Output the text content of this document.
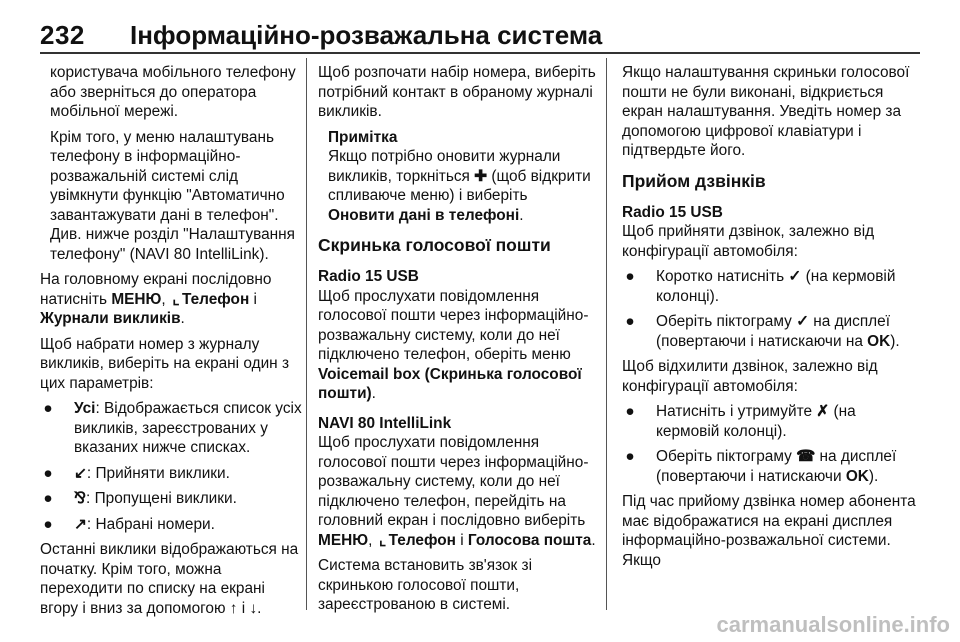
232 Інформаційно-розважальна система

користувача мобільного телефону або зверніться до оператора мобільної мережі.

Крім того, у меню налаштувань телефону в інформаційно-розважальній системі слід увімкнути функцію "Автоматично завантажувати дані в телефон". Див. нижче розділ "Налаштування телефону" (NAVI 80 IntelliLink).

На головному екрані послідовно натисніть МЕНЮ, ⌞ Телефон і Журнали викликів.

Щоб набрати номер з журналу викликів, виберіть на екрані один з цих параметрів:

● Усі: Відображається список усіх викликів, зареєстрованих у вказаних нижче списках.
● ↙: Прийняти виклики.
● ⅋: Пропущені виклики.
● ↗: Набрані номери.

Останні виклики відображаються на початку. Крім того, можна переходити по списку на екрані вгору і вниз за допомогою ↑ і ↓.

Щоб розпочати набір номера, виберіть потрібний контакт в обраному журналі викликів.

Примітка

Якщо потрібно оновити журнали викликів, торкніться ✚ (щоб відкрити спливаюче меню) і виберіть Оновити дані в телефоні.

Скринька голосової пошти
Radio 15 USB

Щоб прослухати повідомлення голосової пошти через інформаційно-розважальну систему, коли до неї підключено телефон, оберіть меню Voicemail box (Скринька голосової пошти).

NAVI 80 IntelliLink

Щоб прослухати повідомлення голосової пошти через інформаційно-розважальну систему, коли до неї підключено телефон, перейдіть на головний екран і послідовно виберіть МЕНЮ, ⌞ Телефон і Голосова пошта.

Система встановить зв'язок зі скринькою голосової пошти, зареєстрованою в системі.

Якщо налаштування скриньки голосової пошти не були виконані, відкриється екран налаштування. Уведіть номер за допомогою цифрової клавіатури і підтвердьте його.

Прийом дзвінків
Radio 15 USB

Щоб прийняти дзвінок, залежно від конфігурації автомобіля:

● Коротко натисніть ✓ (на кермовій колонці).
● Оберіть піктограму ✓ на дисплеї (повертаючи і натискаючи на OK).

Щоб відхилити дзвінок, залежно від конфігурації автомобіля:

● Натисніть і утримуйте ✗ (на кермовій колонці).
● Оберіть піктограму ☎ на дисплеї (повертаючи і натискаючи OK).

Під час прийому дзвінка номер абонента має відображатися на екрані дисплея інформаційно-розважальної системи. Якщо

carmanualsonline.info
